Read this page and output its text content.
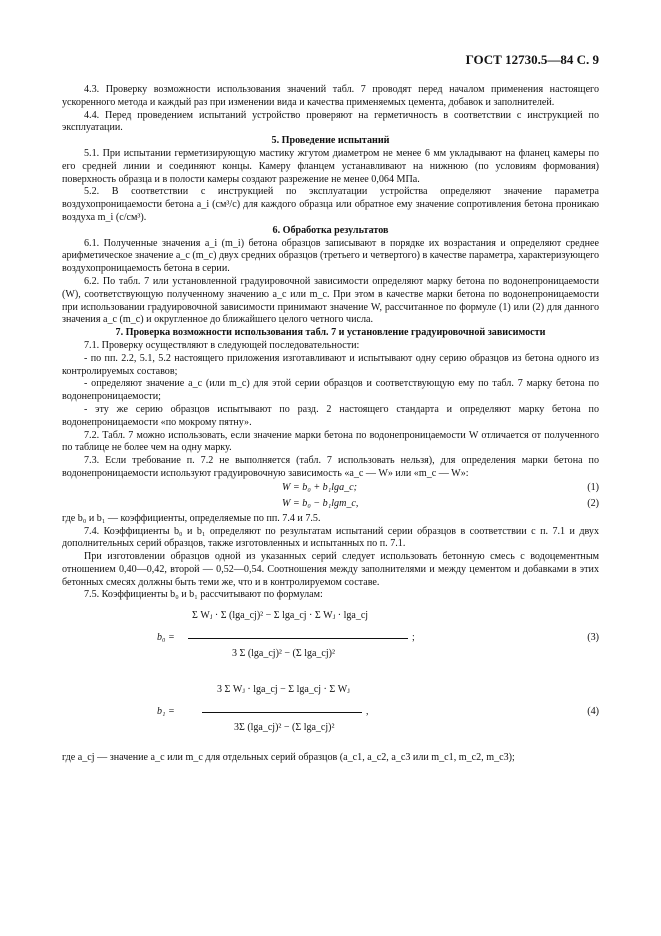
ГОСТ 12730.5—84 С. 9

4.3. Проверку возможности использования значений табл. 7 проводят перед началом применения настоящего ускоренного метода и каждый раз при изменении вида и качества применяемых цемента, добавок и заполнителей.

4.4. Перед проведением испытаний устройство проверяют на герметичность в соответствии с инструкцией по эксплуатации.

5. Проведение испытаний

5.1. При испытании герметизирующую мастику жгутом диаметром не менее 6 мм укладывают на фланец камеры по его средней линии и соединяют концы. Камеру фланцем устанавливают на нижнюю (по условиям формования) поверхность образца и в полости камеры создают разрежение не менее 0,064 МПа.

5.2. В соответствии с инструкцией по эксплуатации устройства определяют значение параметра воздухопроницаемости бетона a_i (см³/с) для каждого образца или обратное ему значение сопротивления бетона проникаю воздуха m_i (с/см³).

6. Обработка результатов

6.1. Полученные значения a_i (m_i) бетона образцов записывают в порядке их возрастания и определяют среднее арифметическое значение a_c (m_c) двух средних образцов (третьего и четвертого) в качестве параметра, характеризующего воздухопроницаемость бетона в серии.

6.2. По табл. 7 или установленной градуировочной зависимости определяют марку бетона по водонепроницаемости (W), соответствующую полученному значению a_c или m_c. При этом в качестве марки бетона по водонепроницаемости при использовании градуировочной зависимости принимают значение W, рассчитанное по формуле (1) или (2) для данного значения a_c (m_c) и округленное до ближайшего целого четного числа.

7. Проверка возможности использования табл. 7 и установление градуировочной зависимости

7.1. Проверку осуществляют в следующей последовательности:

- по пп. 2.2, 5.1, 5.2 настоящего приложения изготавливают и испытывают одну серию образцов из бетона одного из контролируемых составов;

- определяют значение a_c (или m_c) для этой серии образцов и соответствующую ему по табл. 7 марку бетона по водонепроницаемости;

- эту же серию образцов испытывают по разд. 2 настоящего стандарта и определяют марку бетона по водонепроницаемости «по мокрому пятну».

7.2. Табл. 7 можно использовать, если значение марки бетона по водонепроницаемости W отличается от полученного по таблице не более чем на одну марку.

7.3. Если требование п. 7.2 не выполняется (табл. 7 использовать нельзя), для определения марки бетона по водонепроницаемости используют градуировочную зависимость «a_c — W» или «m_c — W»:

W = b₀ + b₁lga_c;	(1)
W = b₀ − b₁lgm_c,	(2)

где b₀ и b₁ — коэффициенты, определяемые по пп. 7.4 и 7.5.

7.4. Коэффициенты b₀ и b₁ определяют по результатам испытаний серии образцов в соответствии с п. 7.1 и двух дополнительных серий образцов, также изготовленных и испытанных по п. 7.1.

При изготовлении образцов одной из указанных серий следует использовать бетонную смесь с водоцементным отношением 0,40—0,42, второй — 0,52—0,54. Соотношения между заполнителями и между цементом и добавками в этих бетонных смесях должны быть теми же, что и в контролируемом составе.

7.5. Коэффициенты b₀ и b₁ рассчитывают по формулам:

b₀ =
Σ Wⱼ · Σ (lga_cj)² − Σ lga_cj · Σ Wⱼ · lga_cj
3 Σ (lga_cj)² − (Σ lga_cj)²
;	(3)
b₁ =
3 Σ Wⱼ · lga_cj − Σ lga_cj · Σ Wⱼ
3Σ (lga_cj)² − (Σ lga_cj)²
,	(4)

где a_cj — значение a_c или m_c для отдельных серий образцов (a_c1, a_c2, a_c3 или m_c1, m_c2, m_c3);
